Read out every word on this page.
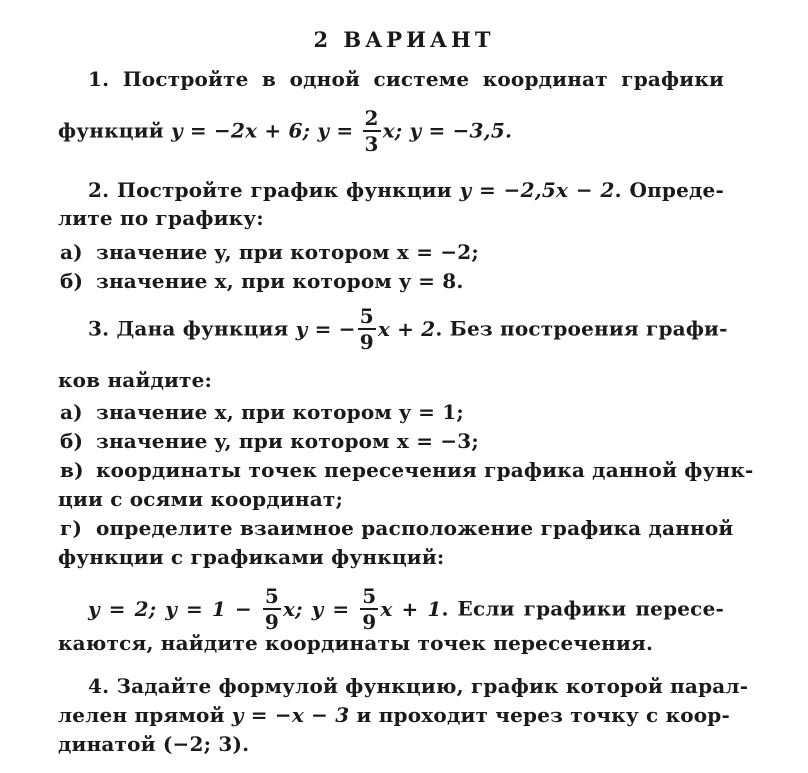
2 ВАРИАНТ
1. Постройте в одной системе координат графики
функций y = −2x + 6; $y = \frac{2}{3} x$; y = −3,5.
2. Постройте график функции y = −2,5x − 2. Опреде-
лите по графику:
а) значение y, при котором x = −2;
б) значение x, при котором y = 8.
3. Дана функция y = − $\frac{5}{9}$ x + 2. Без построения графи-
ков найдите:
а) значение x, при котором y = 1;
б) значение y, при котором x = −3;
в) координаты точек пересечения графика данной функ-
ции с осями координат;
г) определите взаимное расположение графика данной
функции с графиками функций:
y = 2; $y = 1 - \frac{5}{9} x$; $y = \frac{5}{9}$ x + 1. Если графики пересе-
каются, найдите координаты точек пересечения.
4. Задайте формулой функцию, график которой парал-
лелен прямой y = −x − 3 и проходит через точку с коор-
динатой (−2; 3).
